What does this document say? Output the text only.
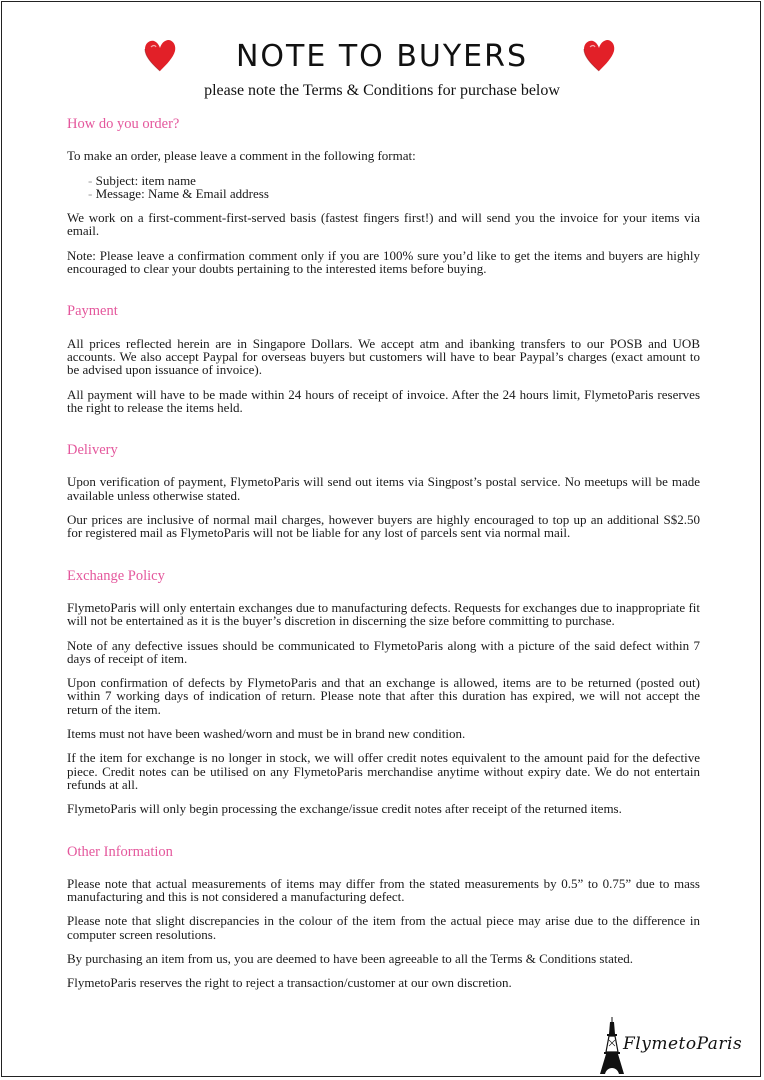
NOTE TO BUYERS
please note the Terms & Conditions for purchase below
How do you order?

To make an order, please leave a comment in the following format:

- Subject: item name
- Message: Name & Email address

We work on a first-comment-first-served basis (fastest fingers first!) and will send you the invoice for your items via email.

Note: Please leave a confirmation comment only if you are 100% sure you’d like to get the items and buyers are highly encouraged to clear your doubts pertaining to the interested items before buying.

Payment

All prices reflected herein are in Singapore Dollars. We accept atm and ibanking transfers to our POSB and UOB accounts. We also accept Paypal for overseas buyers but customers will have to bear Paypal’s charges (exact amount to be advised upon issuance of invoice).

All payment will have to be made within 24 hours of receipt of invoice. After the 24 hours limit, FlymetoParis reserves the right to release the items held.

Delivery

Upon verification of payment, FlymetoParis will send out items via Singpost’s postal service. No meetups will be made available unless otherwise stated.

Our prices are inclusive of normal mail charges, however buyers are highly encouraged to top up an additional S$2.50 for registered mail as FlymetoParis will not be liable for any lost of parcels sent via normal mail.

Exchange Policy

FlymetoParis will only entertain exchanges due to manufacturing defects. Requests for exchanges due to inappropriate fit will not be entertained as it is the buyer’s discretion in discerning the size before committing to purchase.

Note of any defective issues should be communicated to FlymetoParis along with a picture of the said defect within 7 days of receipt of item.

Upon confirmation of defects by FlymetoParis and that an exchange is allowed, items are to be returned (posted out) within 7 working days of indication of return. Please note that after this duration has expired, we will not accept the return of the item.

Items must not have been washed/worn and must be in brand new condition.

If the item for exchange is no longer in stock, we will offer credit notes equivalent to the amount paid for the defective piece. Credit notes can be utilised on any FlymetoParis merchandise anytime without expiry date. We do not entertain refunds at all.

FlymetoParis will only begin processing the exchange/issue credit notes after receipt of the returned items.

Other Information

Please note that actual measurements of items may differ from the stated measurements by 0.5” to 0.75” due to mass manufacturing and this is not considered a manufacturing defect.

Please note that slight discrepancies in the colour of the item from the actual piece may arise due to the difference in computer screen resolutions.

By purchasing an item from us, you are deemed to have been agreeable to all the Terms & Conditions stated.

FlymetoParis reserves the right to reject a transaction/customer at our own discretion.

FlymetoParis
